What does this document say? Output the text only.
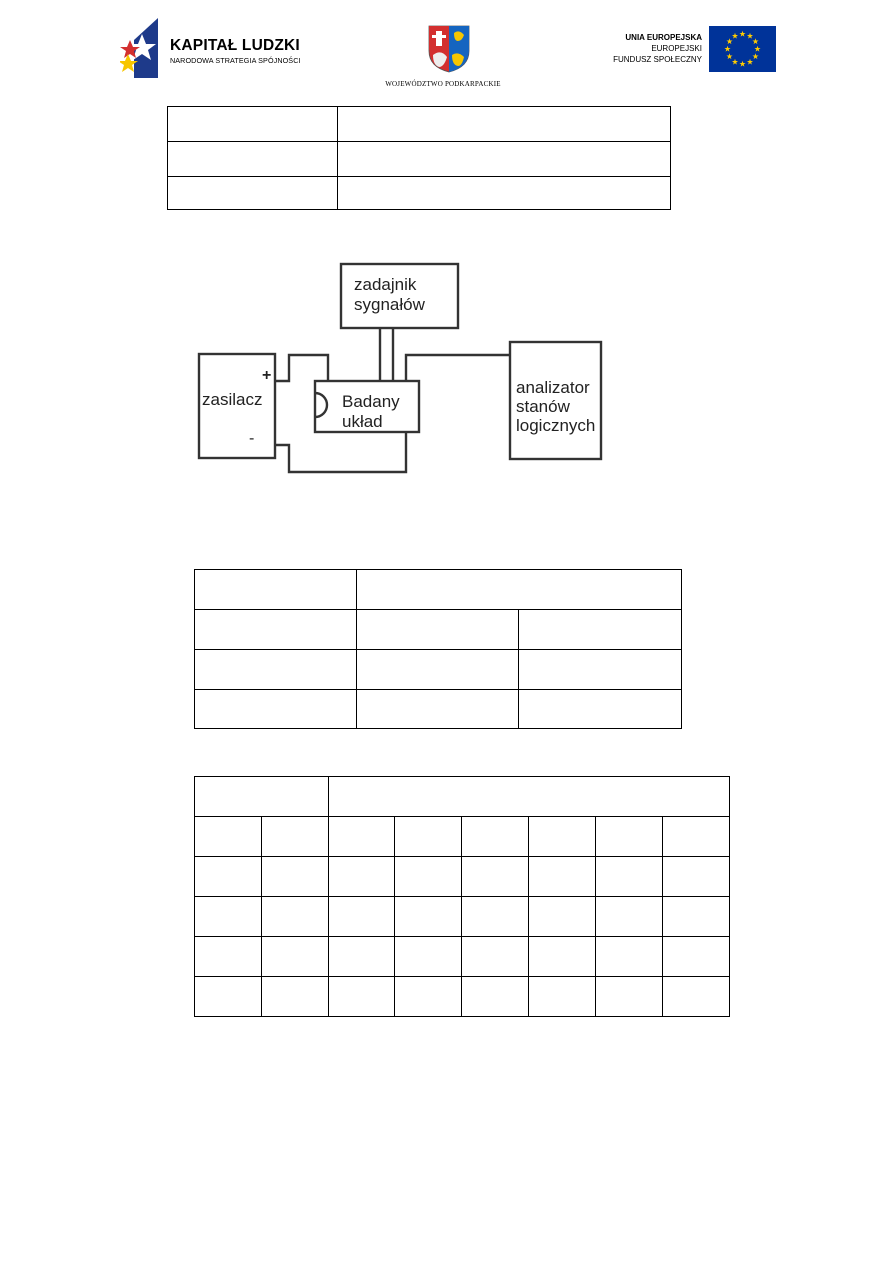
KAPITAŁ LUDZKI
NARODOWA STRATEGIA SPÓJNOŚCI
WOJEWÓDZTWO PODKARPACKIE
UNIA EUROPEJSKA
EUROPEJSKI
FUNDUSZ SPOŁECZNY

zadajnik
sygnałów
zasilacz
+
-
Badany
układ
analizator
stanów
logicznych
